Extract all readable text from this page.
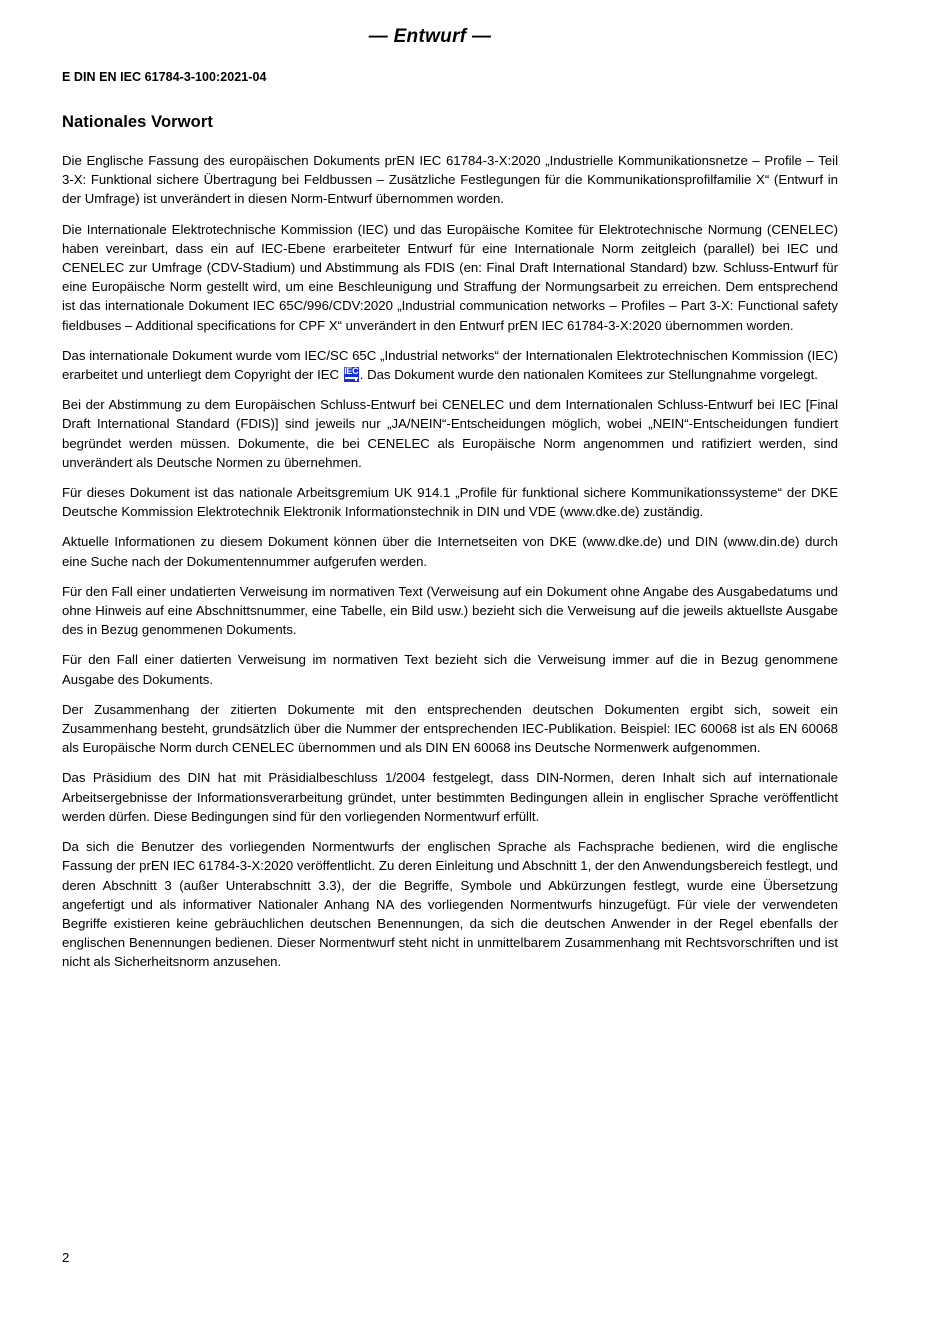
— Entwurf —
E DIN EN IEC 61784-3-100:2021-04
Nationales Vorwort

Die Englische Fassung des europäischen Dokuments prEN IEC 61784-3-X:2020 „Industrielle Kommunikationsnetze – Profile – Teil 3-X: Funktional sichere Übertragung bei Feldbussen – Zusätzliche Festlegungen für die Kommunikationsprofilfamilie X“ (Entwurf in der Umfrage) ist unverändert in diesen Norm-Entwurf übernommen worden.

Die Internationale Elektrotechnische Kommission (IEC) und das Europäische Komitee für Elektrotechnische Normung (CENELEC) haben vereinbart, dass ein auf IEC-Ebene erarbeiteter Entwurf für eine Internationale Norm zeitgleich (parallel) bei IEC und CENELEC zur Umfrage (CDV-Stadium) und Abstimmung als FDIS (en: Final Draft International Standard) bzw. Schluss-Entwurf für eine Europäische Norm gestellt wird, um eine Beschleunigung und Straffung der Normungsarbeit zu erreichen. Dem entsprechend ist das internationale Dokument IEC 65C/996/CDV:2020 „Industrial communication networks – Profiles – Part 3-X: Functional safety fieldbuses – Additional specifications for CPF X“ unverändert in den Entwurf prEN IEC 61784-3-X:2020 übernommen worden.

Das internationale Dokument wurde vom IEC/SC 65C „Industrial networks“ der Internationalen Elektrotechnischen Kommission (IEC) erarbeitet und unterliegt dem Copyright der IEC IEC . Das Dokument wurde den nationalen Komitees zur Stellungnahme vorgelegt.

Bei der Abstimmung zu dem Europäischen Schluss-Entwurf bei CENELEC und dem Internationalen Schluss-Entwurf bei IEC [Final Draft International Standard (FDIS)] sind jeweils nur „JA/NEIN“-Entscheidungen möglich, wobei „NEIN“-Entscheidungen fundiert begründet werden müssen. Dokumente, die bei CENELEC als Europäische Norm angenommen und ratifiziert werden, sind unverändert als Deutsche Normen zu übernehmen.

Für dieses Dokument ist das nationale Arbeitsgremium UK 914.1 „Profile für funktional sichere Kommunikationssysteme“ der DKE Deutsche Kommission Elektrotechnik Elektronik Informationstechnik in DIN und VDE (www.dke.de) zuständig.

Aktuelle Informationen zu diesem Dokument können über die Internetseiten von DKE (www.dke.de) und DIN (www.din.de) durch eine Suche nach der Dokumentennummer aufgerufen werden.

Für den Fall einer undatierten Verweisung im normativen Text (Verweisung auf ein Dokument ohne Angabe des Ausgabedatums und ohne Hinweis auf eine Abschnittsnummer, eine Tabelle, ein Bild usw.) bezieht sich die Verweisung auf die jeweils aktuellste Ausgabe des in Bezug genommenen Dokuments.

Für den Fall einer datierten Verweisung im normativen Text bezieht sich die Verweisung immer auf die in Bezug genommene Ausgabe des Dokuments.

Der Zusammenhang der zitierten Dokumente mit den entsprechenden deutschen Dokumenten ergibt sich, soweit ein Zusammenhang besteht, grundsätzlich über die Nummer der entsprechenden IEC-Publikation. Beispiel: IEC 60068 ist als EN 60068 als Europäische Norm durch CENELEC übernommen und als DIN EN 60068 ins Deutsche Normenwerk aufgenommen.

Das Präsidium des DIN hat mit Präsidialbeschluss 1/2004 festgelegt, dass DIN-Normen, deren Inhalt sich auf internationale Arbeitsergebnisse der Informationsverarbeitung gründet, unter bestimmten Bedingungen allein in englischer Sprache veröffentlicht werden dürfen. Diese Bedingungen sind für den vorliegenden Normentwurf erfüllt.

Da sich die Benutzer des vorliegenden Normentwurfs der englischen Sprache als Fachsprache bedienen, wird die englische Fassung der prEN IEC 61784-3-X:2020 veröffentlicht. Zu deren Einleitung und Abschnitt 1, der den Anwendungsbereich festlegt, und deren Abschnitt 3 (außer Unterabschnitt 3.3), der die Begriffe, Symbole und Abkürzungen festlegt, wurde eine Übersetzung angefertigt und als informativer Nationaler Anhang NA des vorliegenden Normentwurfs hinzugefügt. Für viele der verwendeten Begriffe existieren keine gebräuchlichen deutschen Benennungen, da sich die deutschen Anwender in der Regel ebenfalls der englischen Benennungen bedienen. Dieser Normentwurf steht nicht in unmittelbarem Zusammenhang mit Rechtsvorschriften und ist nicht als Sicherheitsnorm anzusehen.

2
